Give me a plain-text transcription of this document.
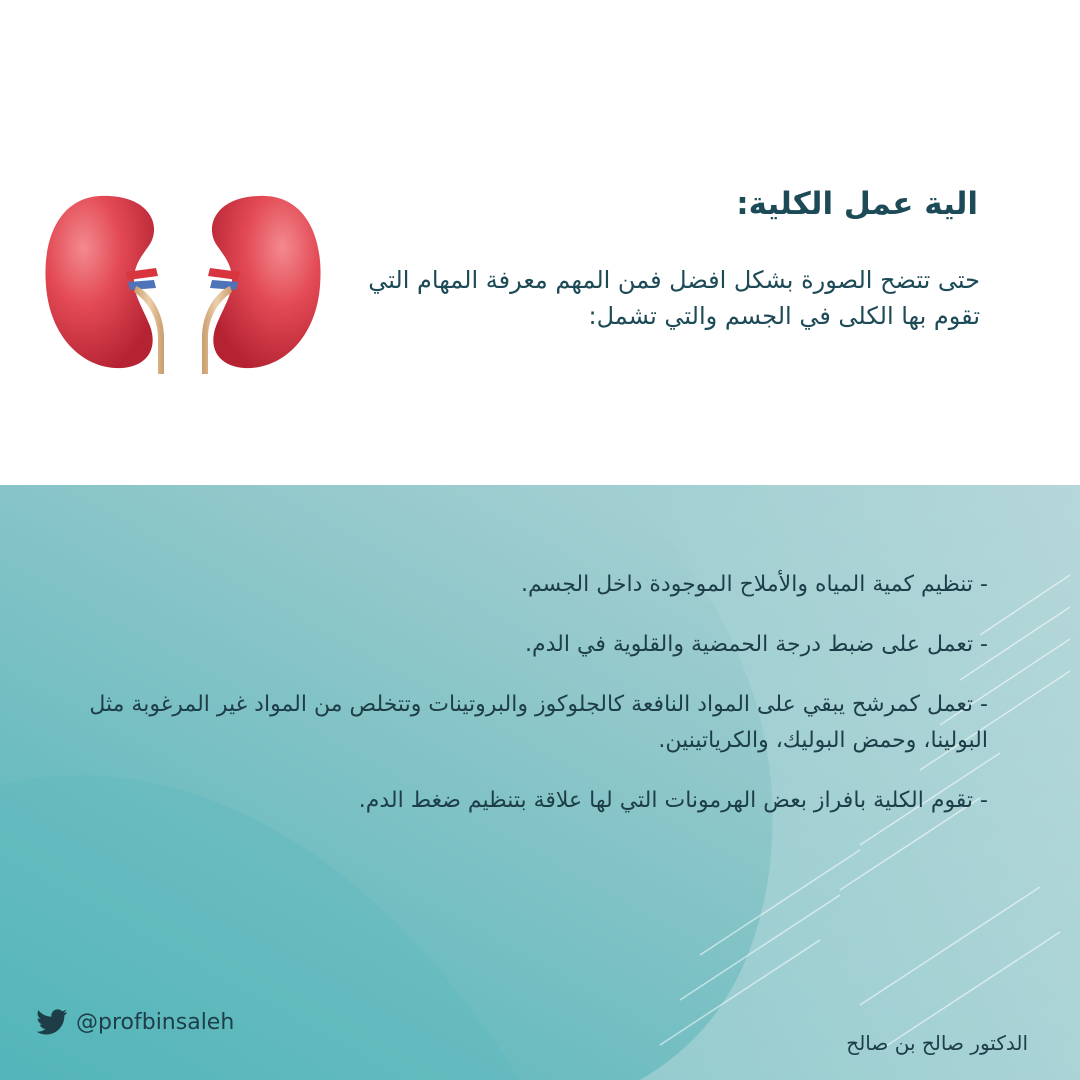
الية عمل الكلية:

حتى تتضح الصورة بشكل افضل فمن المهم معرفة المهام التي تقوم بها الكلى في الجسم والتي تشمل:

- تنظيم كمية المياه والأملاح الموجودة داخل الجسم.
- تعمل على ضبط درجة الحمضية والقلوية في الدم.
- تعمل كمرشح يبقي على المواد النافعة كالجلوكوز والبروتينات وتتخلص من المواد غير المرغوبة مثل البولينا، وحمض البوليك، والكرياتينين.
- تقوم الكلية بافراز بعض الهرمونات التي لها علاقة بتنظيم ضغط الدم.
@profbinsaleh
الدكتور صالح بن صالح
